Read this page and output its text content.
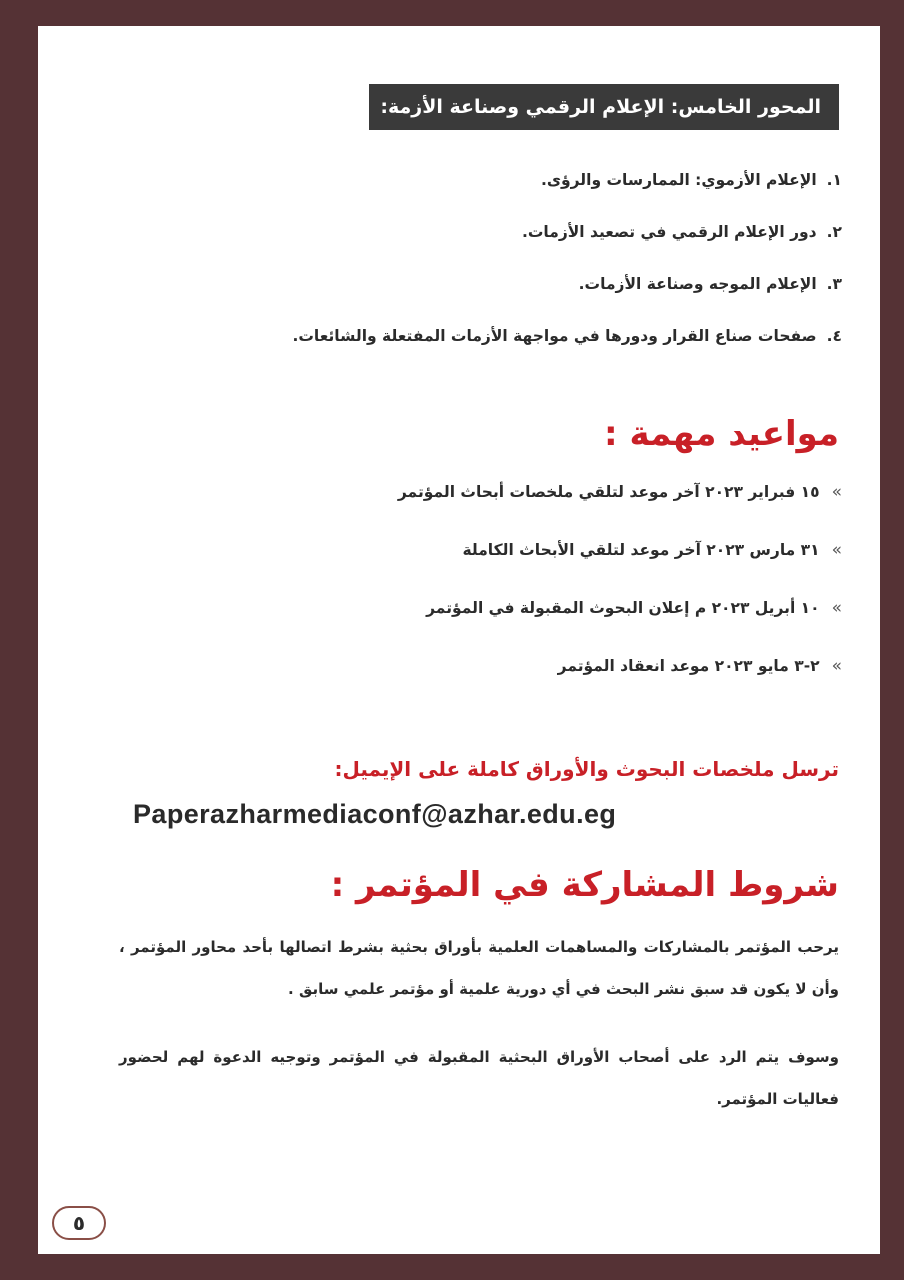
المحور الخامس: الإعلام الرقمي وصناعة الأزمة:
١.الإعلام الأزموي: الممارسات والرؤى.
٢.دور الإعلام الرقمي في تصعيد الأزمات.
٣.الإعلام الموجه وصناعة الأزمات.
٤.صفحات صناع القرار ودورها في مواجهة الأزمات المفتعلة والشائعات.
مواعيد مهمة :
»١٥ فبراير ٢٠٢٣ آخر موعد لتلقي ملخصات أبحاث المؤتمر
»٣١ مارس ٢٠٢٣ آخر موعد لتلقي الأبحاث الكاملة
»١٠ أبريل ٢٠٢٣ م إعلان البحوث المقبولة في المؤتمر
»٢-٣ مايو ٢٠٢٣ موعد انعقاد المؤتمر
ترسل ملخصات البحوث والأوراق كاملة على الإيميل:
Paperazharmediaconf@azhar.edu.eg
شروط المشاركة في المؤتمر :

يرحب المؤتمر بالمشاركات والمساهمات العلمية بأوراق بحثية بشرط اتصالها بأحد محاور المؤتمر ، وأن لا يكون قد سبق نشر البحث في أي دورية علمية أو مؤتمر علمي سابق .

وسوف يتم الرد على أصحاب الأوراق البحثية المقبولة في المؤتمر وتوجيه الدعوة لهم لحضور فعاليات المؤتمر.

٥
